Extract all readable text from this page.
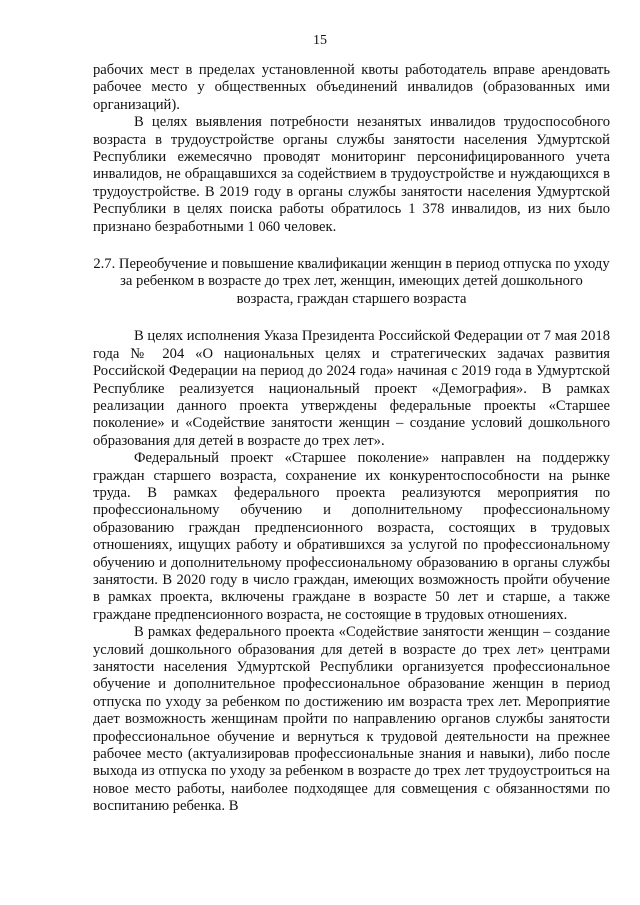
15

рабочих мест в пределах установленной квоты работодатель вправе арендовать рабочее место у общественных объединений инвалидов (образованных ими организаций).

В целях выявления потребности незанятых инвалидов трудоспособного возраста в трудоустройстве органы службы занятости населения Удмуртской Республики ежемесячно проводят мониторинг персонифицированного учета инвалидов, не обращавшихся за содействием в трудоустройстве и нуждающихся в трудоустройстве. В 2019 году в органы службы занятости населения Удмуртской Республики в целях поиска работы обратилось 1 378 инвалидов, из них было признано безработными 1 060 человек.

2.7. Переобучение и повышение квалификации женщин в период отпуска по уходу за ребенком в возрасте до трех лет, женщин, имеющих детей дошкольного возраста, граждан старшего возраста

В целях исполнения Указа Президента Российской Федерации от 7 мая 2018 года № 204 «О национальных целях и стратегических задачах развития Российской Федерации на период до 2024 года» начиная с 2019 года в Удмуртской Республике реализуется национальный проект «Демография». В рамках реализации данного проекта утверждены федеральные проекты «Старшее поколение» и «Содействие занятости женщин – создание условий дошкольного образования для детей в возрасте до трех лет».

Федеральный проект «Старшее поколение» направлен на поддержку граждан старшего возраста, сохранение их конкурентоспособности на рынке труда. В рамках федерального проекта реализуются мероприятия по профессиональному обучению и дополнительному профессиональному образованию граждан предпенсионного возраста, состоящих в трудовых отношениях, ищущих работу и обратившихся за услугой по профессиональному обучению и дополнительному профессиональному образованию в органы службы занятости. В 2020 году в число граждан, имеющих возможность пройти обучение в рамках проекта, включены граждане в возрасте 50 лет и старше, а также граждане предпенсионного возраста, не состоящие в трудовых отношениях.

В рамках федерального проекта «Содействие занятости женщин – создание условий дошкольного образования для детей в возрасте до трех лет» центрами занятости населения Удмуртской Республики организуется профессиональное обучение и дополнительное профессиональное образование женщин в период отпуска по уходу за ребенком по достижению им возраста трех лет. Мероприятие дает возможность женщинам пройти по направлению органов службы занятости профессиональное обучение и вернуться к трудовой деятельности на прежнее рабочее место (актуализировав профессиональные знания и навыки), либо после выхода из отпуска по уходу за ребенком в возрасте до трех лет трудоустроиться на новое место работы, наиболее подходящее для совмещения с обязанностями по воспитанию ребенка. В
